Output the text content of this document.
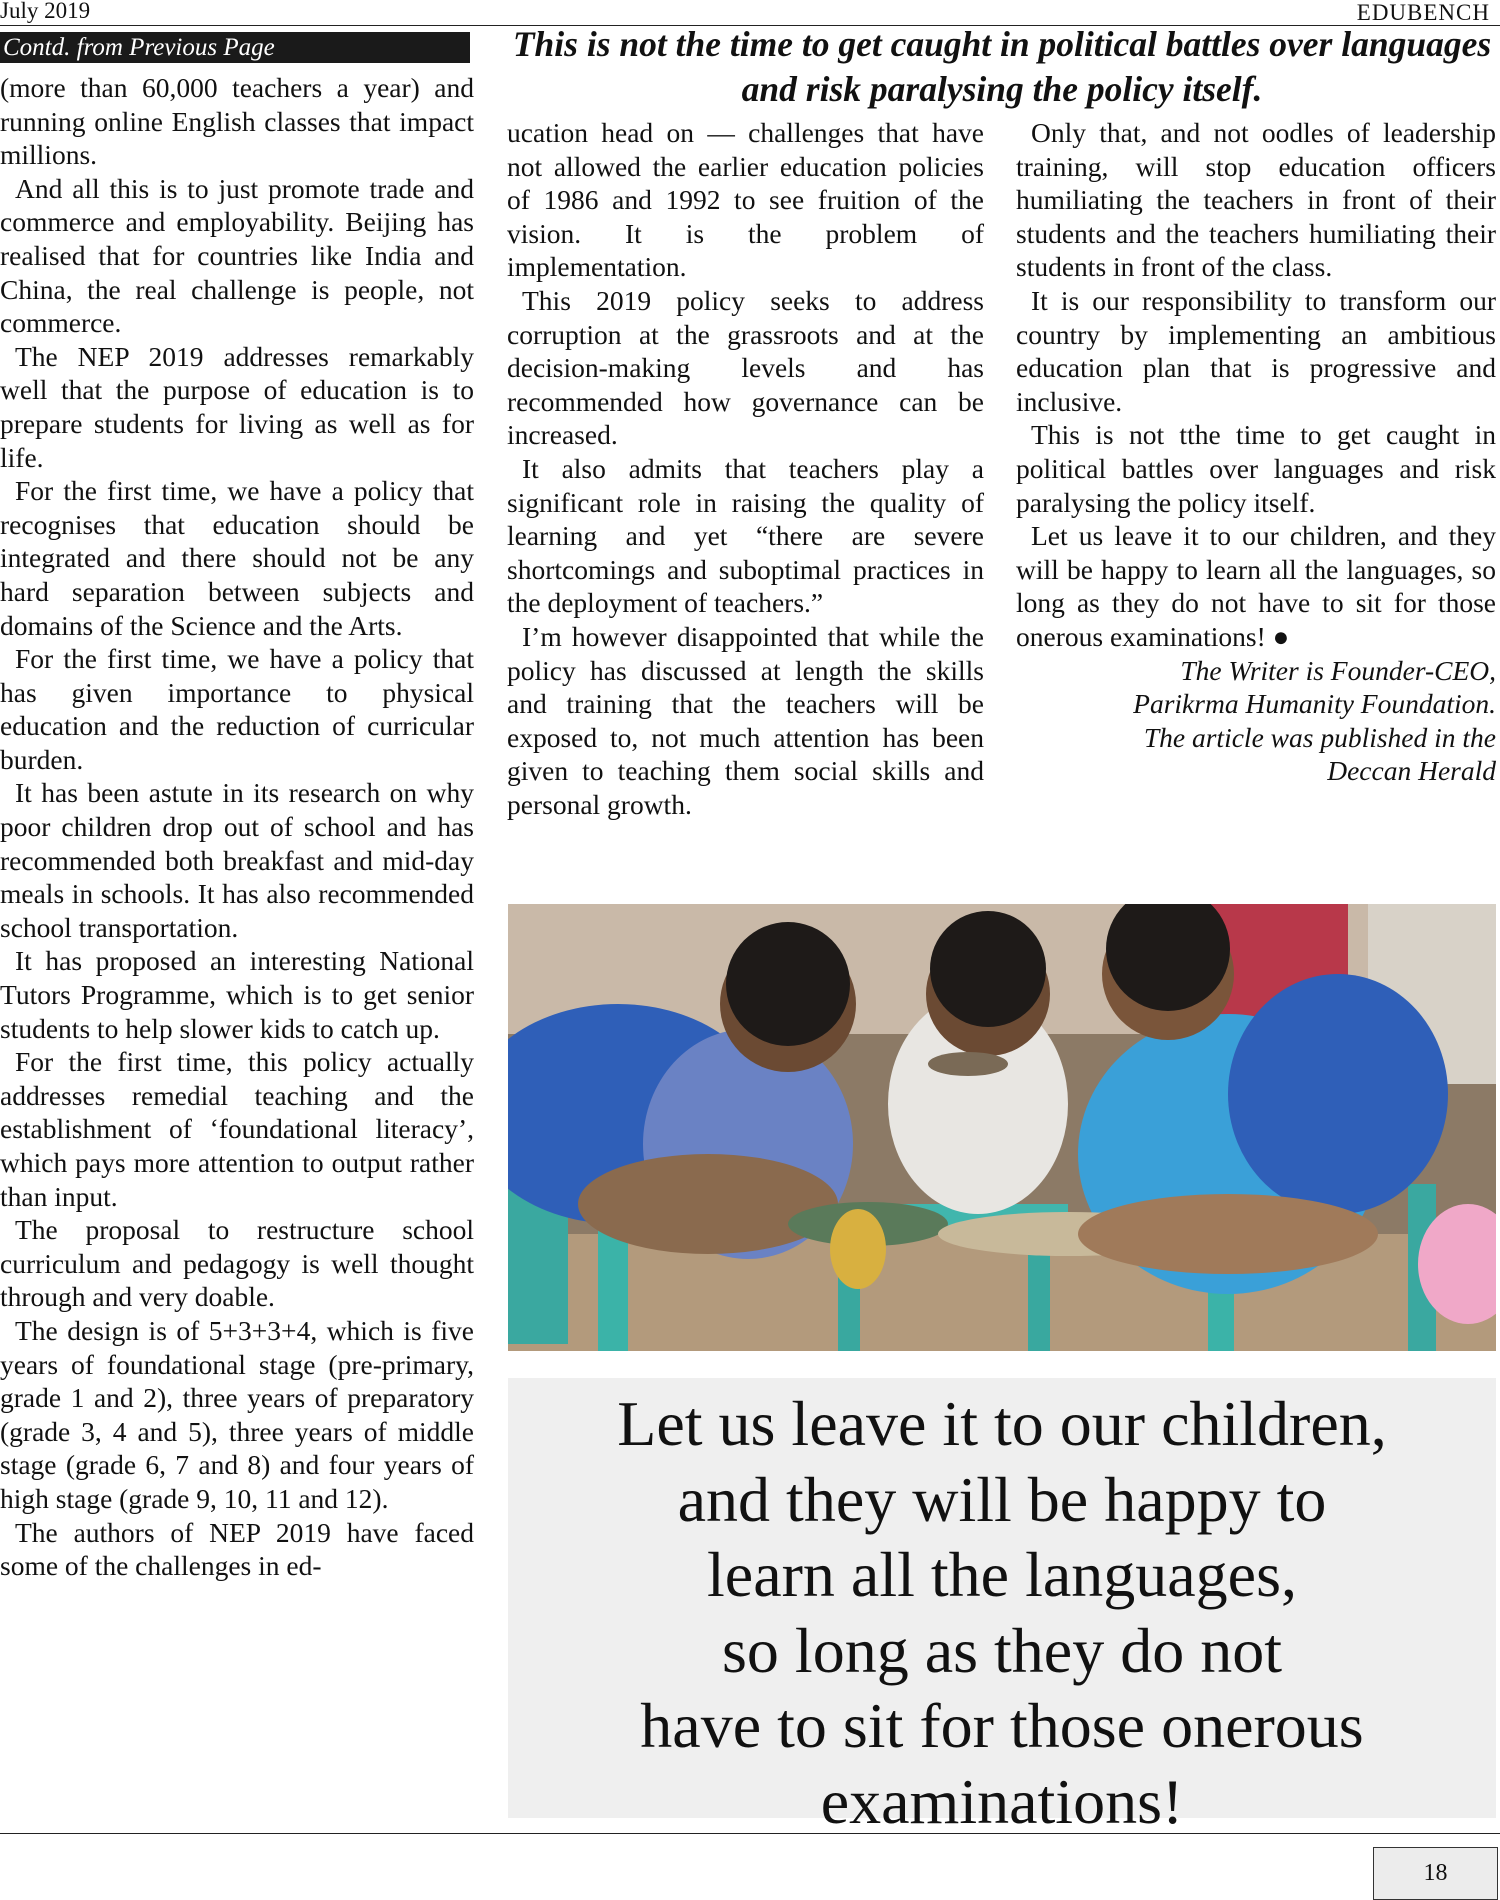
July 2019	EDUBENCH
Contd. from Previous Page	This is not the time to get caught in political battles over languages and risk paralysing the policy itself.

(more than 60,000 teachers a year) and running online English classes that impact millions.

And all this is to just promote trade and commerce and employability. Beijing has realised that for countries like India and China, the real challenge is people, not commerce.

The NEP 2019 addresses remarkably well that the purpose of education is to prepare students for living as well as for life.

For the first time, we have a policy that recognises that education should be integrated and there should not be any hard separation between subjects and domains of the Science and the Arts.

For the first time, we have a policy that has given importance to physical education and the reduction of curricular burden.

It has been astute in its research on why poor children drop out of school and has recommended both breakfast and mid-day meals in schools. It has also recommended school transportation.

It has proposed an interesting National Tutors Programme, which is to get senior students to help slower kids to catch up.

For the first time, this policy actually addresses remedial teaching and the establishment of ‘foundational literacy’, which pays more attention to output rather than input.

The proposal to restructure school curriculum and pedagogy is well thought through and very doable.

The design is of 5+3+3+4, which is five years of foundational stage (pre-primary, grade 1 and 2), three years of preparatory (grade 3, 4 and 5), three years of middle stage (grade 6, 7 and 8) and four years of high stage (grade 9, 10, 11 and 12).

The authors of NEP 2019 have faced some of the challenges in ed-

ucation head on — challenges that have not allowed the earlier education policies of 1986 and 1992 to see fruition of the vision. It is the problem of implementation.

This 2019 policy seeks to address corruption at the grassroots and at the decision-making levels and has recommended how governance can be increased.

It also admits that teachers play a significant role in raising the quality of learning and yet “there are severe shortcomings and suboptimal practices in the deployment of teachers.”

I’m however disappointed that while the policy has discussed at length the skills and training that the teachers will be exposed to, not much attention has been given to teaching them social skills and personal growth.

Only that, and not oodles of leadership training, will stop education officers humiliating the teachers in front of their students and the teachers humiliating their students in front of the class.

It is our responsibility to transform our country by implementing an ambitious education plan that is progressive and inclusive.

This is not tthe time to get caught in political battles over languages and risk paralysing the policy itself.

Let us leave it to our children, and they will be happy to learn all the languages, so long as they do not have to sit for those onerous examinations! ●

The Writer is Founder-CEO,
Parikrma Humanity Foundation.
The article was published in the
Deccan Herald
Let us leave it to our children,
and they will be happy to
learn all the languages,
so long as they do not
have to sit for those onerous
examinations!
18
